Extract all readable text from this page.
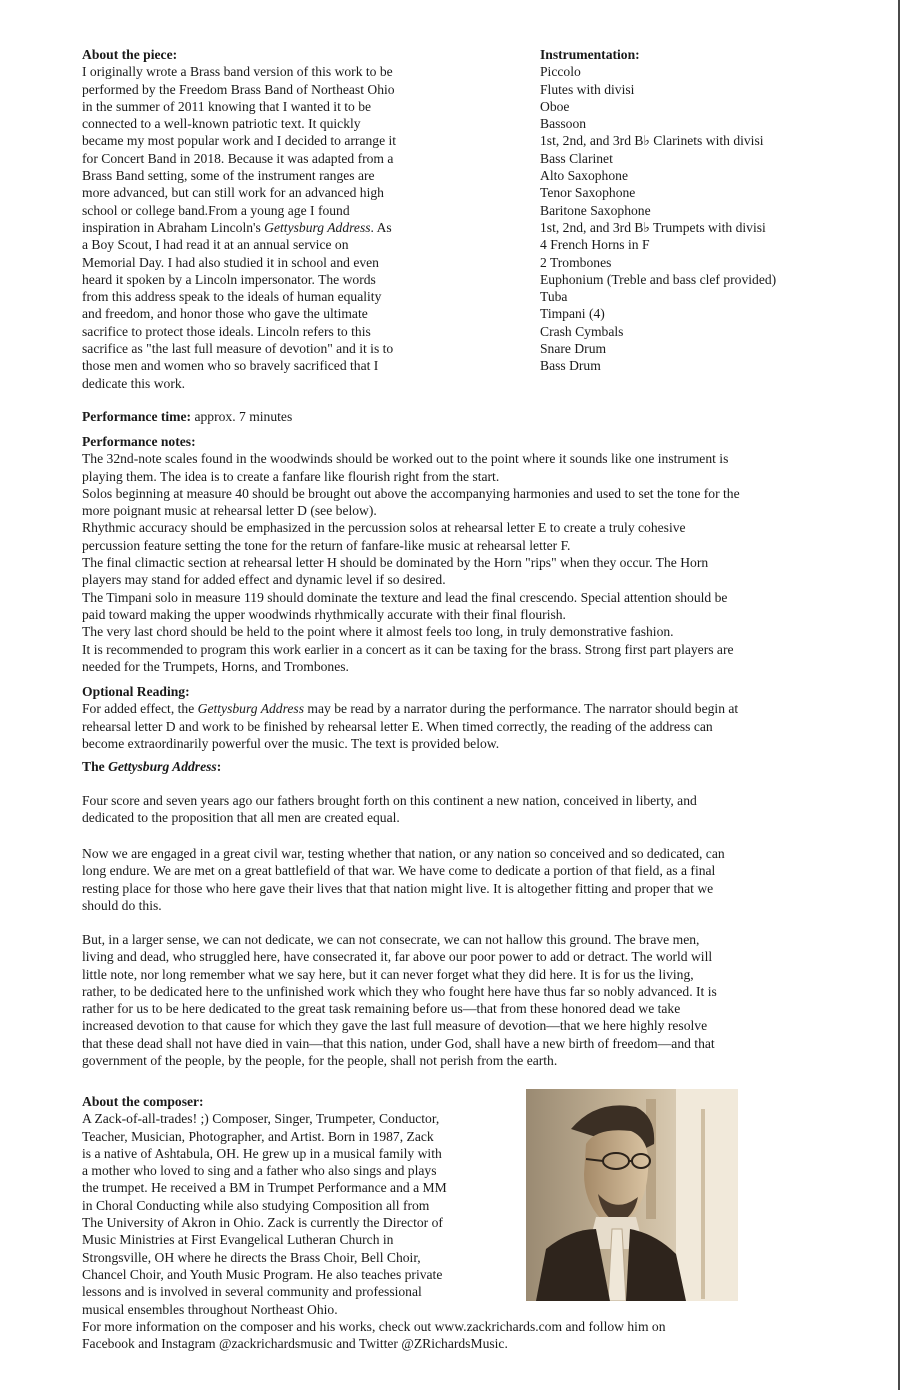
About the piece:
I originally wrote a Brass band version of this work to be
performed by the Freedom Brass Band of Northeast Ohio
in the summer of 2011 knowing that I wanted it to be
connected to a well-known patriotic text. It quickly
became my most popular work and I decided to arrange it
for Concert Band in 2018. Because it was adapted from a
Brass Band setting, some of the instrument ranges are
more advanced, but can still work for an advanced high
school or college band.From a young age I found
inspiration in Abraham Lincoln's Gettysburg Address. As
a Boy Scout, I had read it at an annual service on
Memorial Day. I had also studied it in school and even
heard it spoken by a Lincoln impersonator. The words
from this address speak to the ideals of human equality
and freedom, and honor those who gave the ultimate
sacrifice to protect those ideals. Lincoln refers to this
sacrifice as "the last full measure of devotion" and it is to
those men and women who so bravely sacrificed that I
dedicate this work.
Instrumentation:
Piccolo
Flutes with divisi
Oboe
Bassoon
1st, 2nd, and 3rd B♭ Clarinets with divisi
Bass Clarinet
Alto Saxophone
Tenor Saxophone
Baritone Saxophone
1st, 2nd, and 3rd B♭ Trumpets with divisi
4 French Horns in F
2 Trombones
Euphonium (Treble and bass clef provided)
Tuba
Timpani (4)
Crash Cymbals
Snare Drum
Bass Drum
Performance time: approx. 7 minutes
Performance notes:
The 32nd-note scales found in the woodwinds should be worked out to the point where it sounds like one instrument is
playing them. The idea is to create a fanfare like flourish right from the start.
Solos beginning at measure 40 should be brought out above the accompanying harmonies and used to set the tone for the
more poignant music at rehearsal letter D (see below).
Rhythmic accuracy should be emphasized in the percussion solos at rehearsal letter E to create a truly cohesive
percussion feature setting the tone for the return of fanfare-like music at rehearsal letter F.
The final climactic section at rehearsal letter H should be dominated by the Horn "rips" when they occur. The Horn
players may stand for added effect and dynamic level if so desired.
The Timpani solo in measure 119 should dominate the texture and lead the final crescendo. Special attention should be
paid toward making the upper woodwinds rhythmically accurate with their final flourish.
The very last chord should be held to the point where it almost feels too long, in truly demonstrative fashion.
It is recommended to program this work earlier in a concert as it can be taxing for the brass. Strong first part players are
needed for the Trumpets, Horns, and Trombones.
Optional Reading:
For added effect, the Gettysburg Address may be read by a narrator during the performance. The narrator should begin at
rehearsal letter D and work to be finished by rehearsal letter E. When timed correctly, the reading of the address can
become extraordinarily powerful over the music. The text is provided below.
The Gettysburg Address:
Four score and seven years ago our fathers brought forth on this continent a new nation, conceived in liberty, and
dedicated to the proposition that all men are created equal.
Now we are engaged in a great civil war, testing whether that nation, or any nation so conceived and so dedicated, can
long endure. We are met on a great battlefield of that war. We have come to dedicate a portion of that field, as a final
resting place for those who here gave their lives that that nation might live. It is altogether fitting and proper that we
should do this.
But, in a larger sense, we can not dedicate, we can not consecrate, we can not hallow this ground. The brave men,
living and dead, who struggled here, have consecrated it, far above our poor power to add or detract. The world will
little note, nor long remember what we say here, but it can never forget what they did here. It is for us the living,
rather, to be dedicated here to the unfinished work which they who fought here have thus far so nobly advanced. It is
rather for us to be here dedicated to the great task remaining before us—that from these honored dead we take
increased devotion to that cause for which they gave the last full measure of devotion—that we here highly resolve
that these dead shall not have died in vain—that this nation, under God, shall have a new birth of freedom—and that
government of the people, by the people, for the people, shall not perish from the earth.
About the composer:
A Zack-of-all-trades! ;) Composer, Singer, Trumpeter, Conductor,
Teacher, Musician, Photographer, and Artist. Born in 1987, Zack
is a native of Ashtabula, OH. He grew up in a musical family with
a mother who loved to sing and a father who also sings and plays
the trumpet. He received a BM in Trumpet Performance and a MM
in Choral Conducting while also studying Composition all from
The University of Akron in Ohio. Zack is currently the Director of
Music Ministries at First Evangelical Lutheran Church in
Strongsville, OH where he directs the Brass Choir, Bell Choir,
Chancel Choir, and Youth Music Program. He also teaches private
lessons and is involved in several community and professional
musical ensembles throughout Northeast Ohio.
For more information on the composer and his works, check out www.zackrichards.com and follow him on
Facebook and Instagram @zackrichardsmusic and Twitter @ZRichardsMusic.
